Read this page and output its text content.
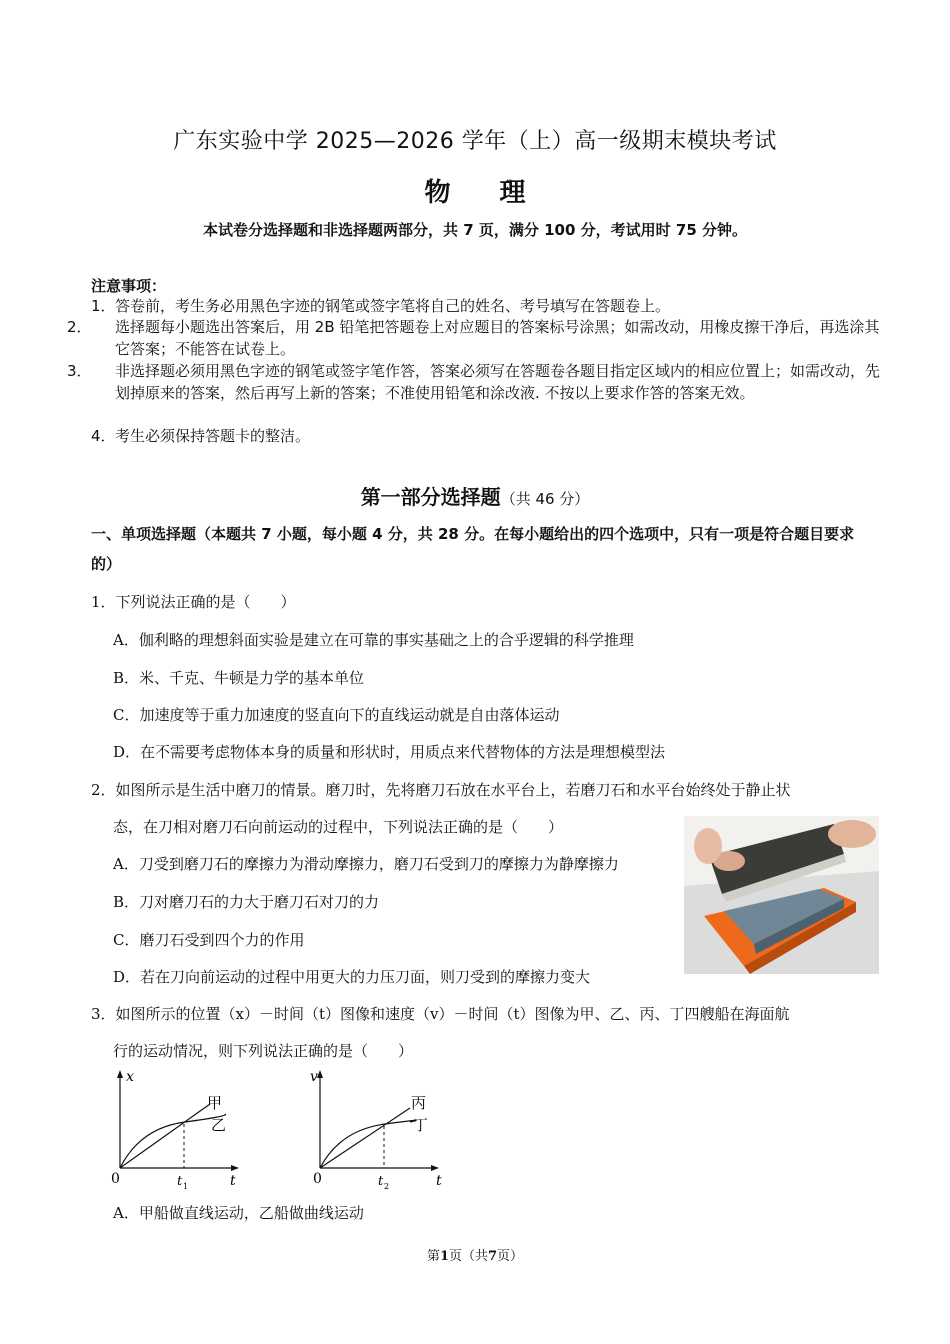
广东实验中学 2025—2026 学年（上）高一级期末模块考试
物 理
本试卷分选择题和非选择题两部分，共 7 页，满分 100 分，考试用时 75 分钟。
注意事项：
1．答卷前，考生务必用黑色字迹的钢笔或签字笔将自己的姓名、考号填写在答题卷上。
2． 选择题每小题选出答案后，用 2B 铅笔把答题卷上对应题目的答案标号涂黑；如需改动，用橡皮擦干净后，再选涂其它答案；不能答在试卷上。
3． 非选择题必须用黑色字迹的钢笔或签字笔作答，答案必须写在答题卷各题目指定区域内的相应位置上；如需改动，先划掉原来的答案，然后再写上新的答案；不准使用铅笔和涂改液. 不按以上要求作答的答案无效。
4．考生必须保持答题卡的整洁。
第一部分选择题（共 46 分）
一、单项选择题（本题共 7 小题，每小题 4 分，共 28 分。在每小题给出的四个选项中，只有一项是符合题目要求的）
1．下列说法正确的是（　　）
A．伽利略的理想斜面实验是建立在可靠的事实基础之上的合乎逻辑的科学推理
B．米、千克、牛顿是力学的基本单位
C．加速度等于重力加速度的竖直向下的直线运动就是自由落体运动
D．在不需要考虑物体本身的质量和形状时，用质点来代替物体的方法是理想模型法
2．如图所示是生活中磨刀的情景。磨刀时，先将磨刀石放在水平台上，若磨刀石和水平台始终处于静止状
态，在刀相对磨刀石向前运动的过程中，下列说法正确的是（　　）
A．刀受到磨刀石的摩擦力为滑动摩擦力，磨刀石受到刀的摩擦力为静摩擦力
B．刀对磨刀石的力大于磨刀石对刀的力
C．磨刀石受到四个力的作用
D．若在刀向前运动的过程中用更大的力压刀面，则刀受到的摩擦力变大
3．如图所示的位置（x）－时间（t）图像和速度（v）－时间（t）图像为甲、乙、丙、丁四艘船在海面航
行的运动情况，则下列说法正确的是（　　）
x
t
0	t 1
甲
乙
v
t
0	t 2
丙
丁
A．甲船做直线运动，乙船做曲线运动
第1页（共7页）
